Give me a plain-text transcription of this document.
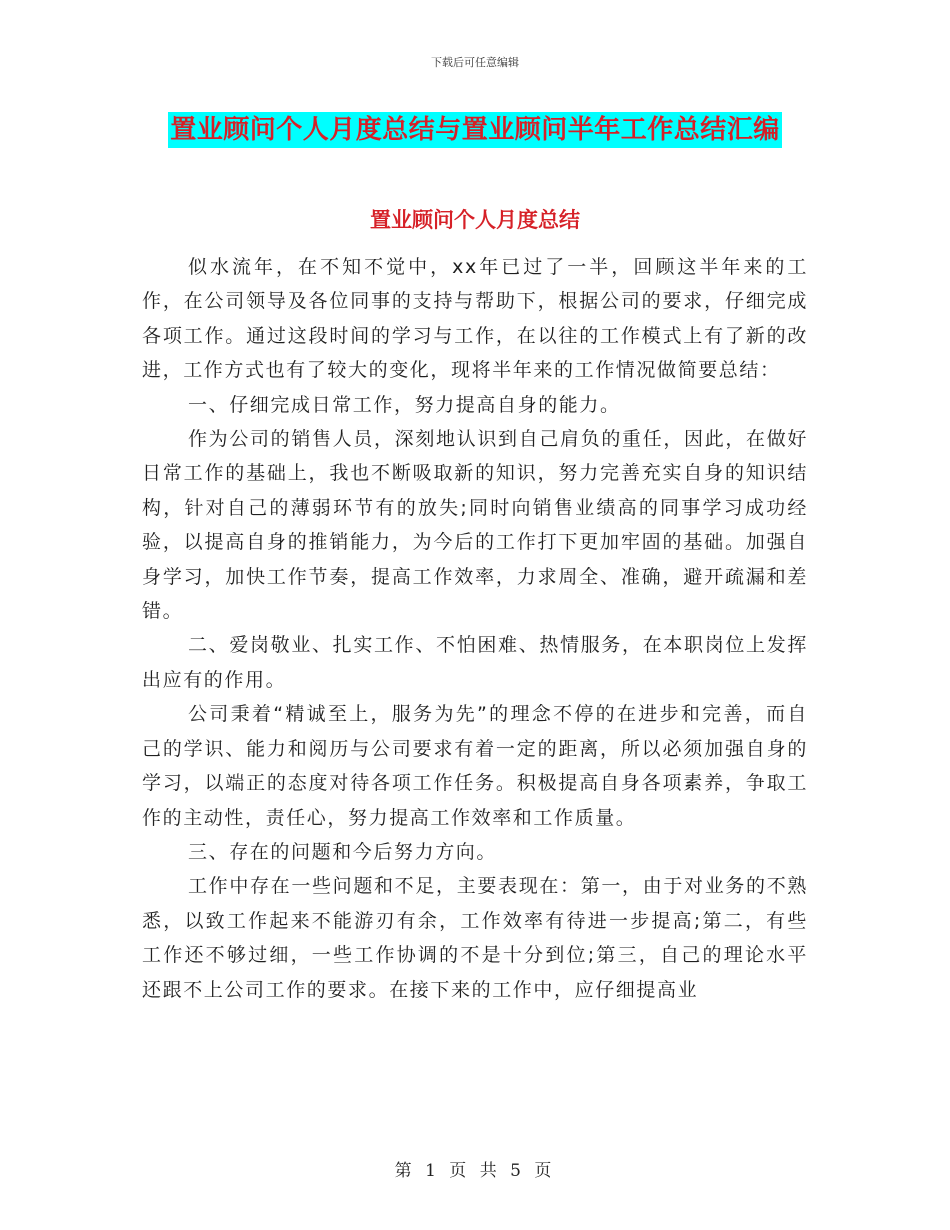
下载后可任意编辑
置业顾问个人月度总结与置业顾问半年工作总结汇编
置业顾问个人月度总结

似水流年，在不知不觉中，xx年已过了一半，回顾这半年来的工作，在公司领导及各位同事的支持与帮助下，根据公司的要求，仔细完成各项工作。通过这段时间的学习与工作，在以往的工作模式上有了新的改进，工作方式也有了较大的变化，现将半年来的工作情况做简要总结：

一、仔细完成日常工作，努力提高自身的能力。

作为公司的销售人员，深刻地认识到自己肩负的重任，因此，在做好日常工作的基础上，我也不断吸取新的知识，努力完善充实自身的知识结构，针对自己的薄弱环节有的放失;同时向销售业绩高的同事学习成功经验，以提高自身的推销能力，为今后的工作打下更加牢固的基础。加强自身学习，加快工作节奏，提高工作效率，力求周全、准确，避开疏漏和差错。

二、爱岗敬业、扎实工作、不怕困难、热情服务，在本职岗位上发挥出应有的作用。

公司秉着“精诚至上，服务为先”的理念不停的在进步和完善，而自己的学识、能力和阅历与公司要求有着一定的距离，所以必须加强自身的学习，以端正的态度对待各项工作任务。积极提高自身各项素养，争取工作的主动性，责任心，努力提高工作效率和工作质量。

三、存在的问题和今后努力方向。

工作中存在一些问题和不足，主要表现在：第一，由于对业务的不熟悉，以致工作起来不能游刃有余，工作效率有待进一步提高;第二，有些工作还不够过细，一些工作协调的不是十分到位;第三，自己的理论水平还跟不上公司工作的要求。在接下来的工作中，应仔细提高业

第 1 页 共 5 页
